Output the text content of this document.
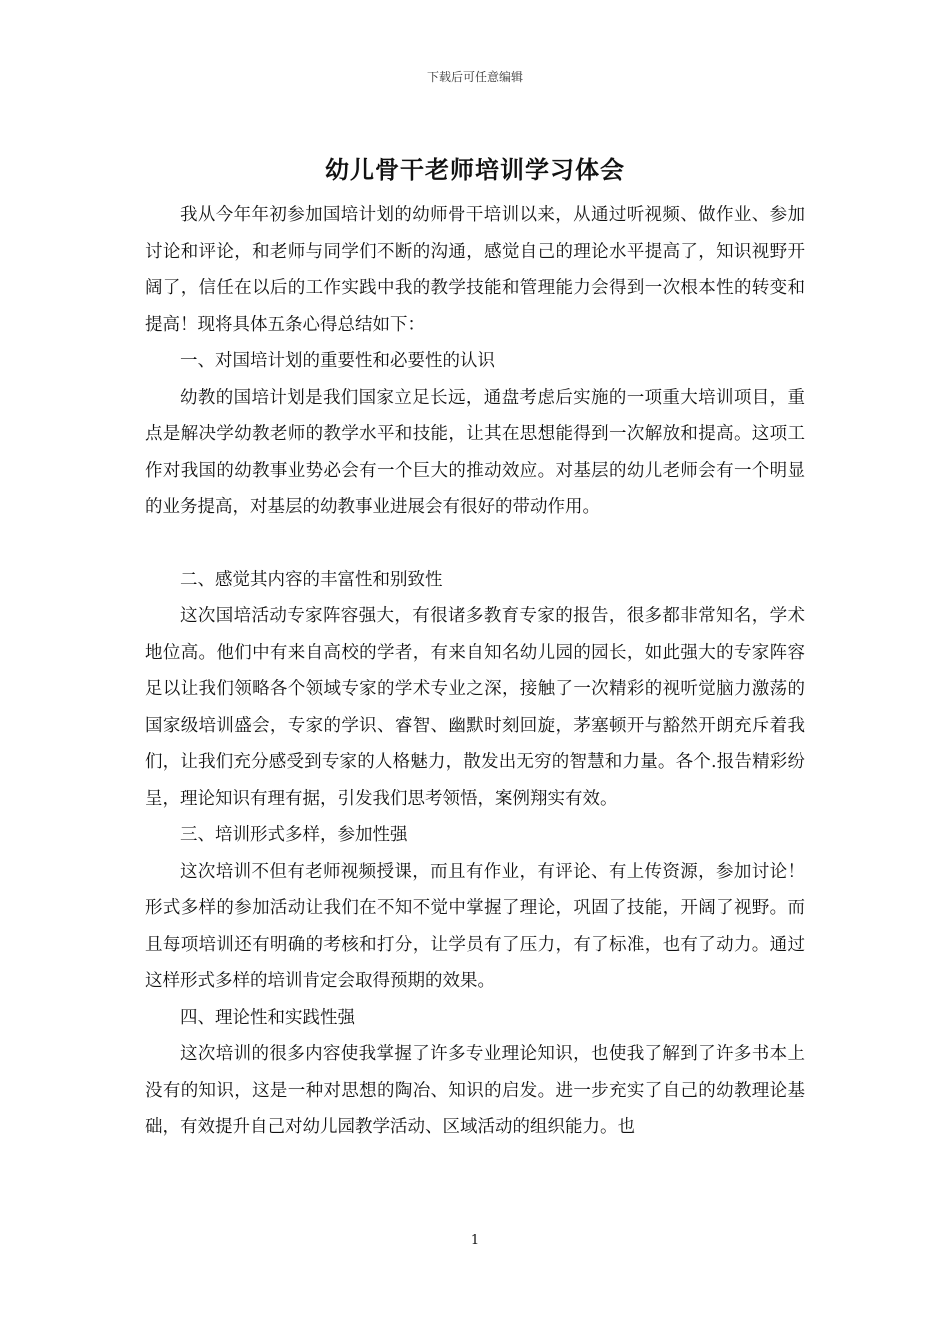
下载后可任意编辑
幼儿骨干老师培训学习体会

我从今年年初参加国培计划的幼师骨干培训以来，从通过听视频、做作业、参加讨论和评论，和老师与同学们不断的沟通，感觉自己的理论水平提高了，知识视野开阔了，信任在以后的工作实践中我的教学技能和管理能力会得到一次根本性的转变和提高！现将具体五条心得总结如下：

一、对国培计划的重要性和必要性的认识

幼教的国培计划是我们国家立足长远，通盘考虑后实施的一项重大培训项目，重点是解决学幼教老师的教学水平和技能，让其在思想能得到一次解放和提高。这项工作对我国的幼教事业势必会有一个巨大的推动效应。对基层的幼儿老师会有一个明显的业务提高，对基层的幼教事业进展会有很好的带动作用。

二、感觉其内容的丰富性和别致性

这次国培活动专家阵容强大，有很诸多教育专家的报告，很多都非常知名，学术地位高。他们中有来自高校的学者，有来自知名幼儿园的园长，如此强大的专家阵容足以让我们领略各个领域专家的学术专业之深，接触了一次精彩的视听觉脑力激荡的国家级培训盛会，专家的学识、睿智、幽默时刻回旋，茅塞顿开与豁然开朗充斥着我们，让我们充分感受到专家的人格魅力，散发出无穷的智慧和力量。各个.报告精彩纷呈，理论知识有理有据，引发我们思考领悟，案例翔实有效。

三、培训形式多样，参加性强

这次培训不但有老师视频授课，而且有作业，有评论、有上传资源，参加讨论！形式多样的参加活动让我们在不知不觉中掌握了理论，巩固了技能，开阔了视野。而且每项培训还有明确的考核和打分，让学员有了压力，有了标准，也有了动力。通过这样形式多样的培训肯定会取得预期的效果。

四、理论性和实践性强

这次培训的很多内容使我掌握了许多专业理论知识，也使我了解到了许多书本上没有的知识，这是一种对思想的陶冶、知识的启发。进一步充实了自己的幼教理论基础，有效提升自己对幼儿园教学活动、区域活动的组织能力。也

1
